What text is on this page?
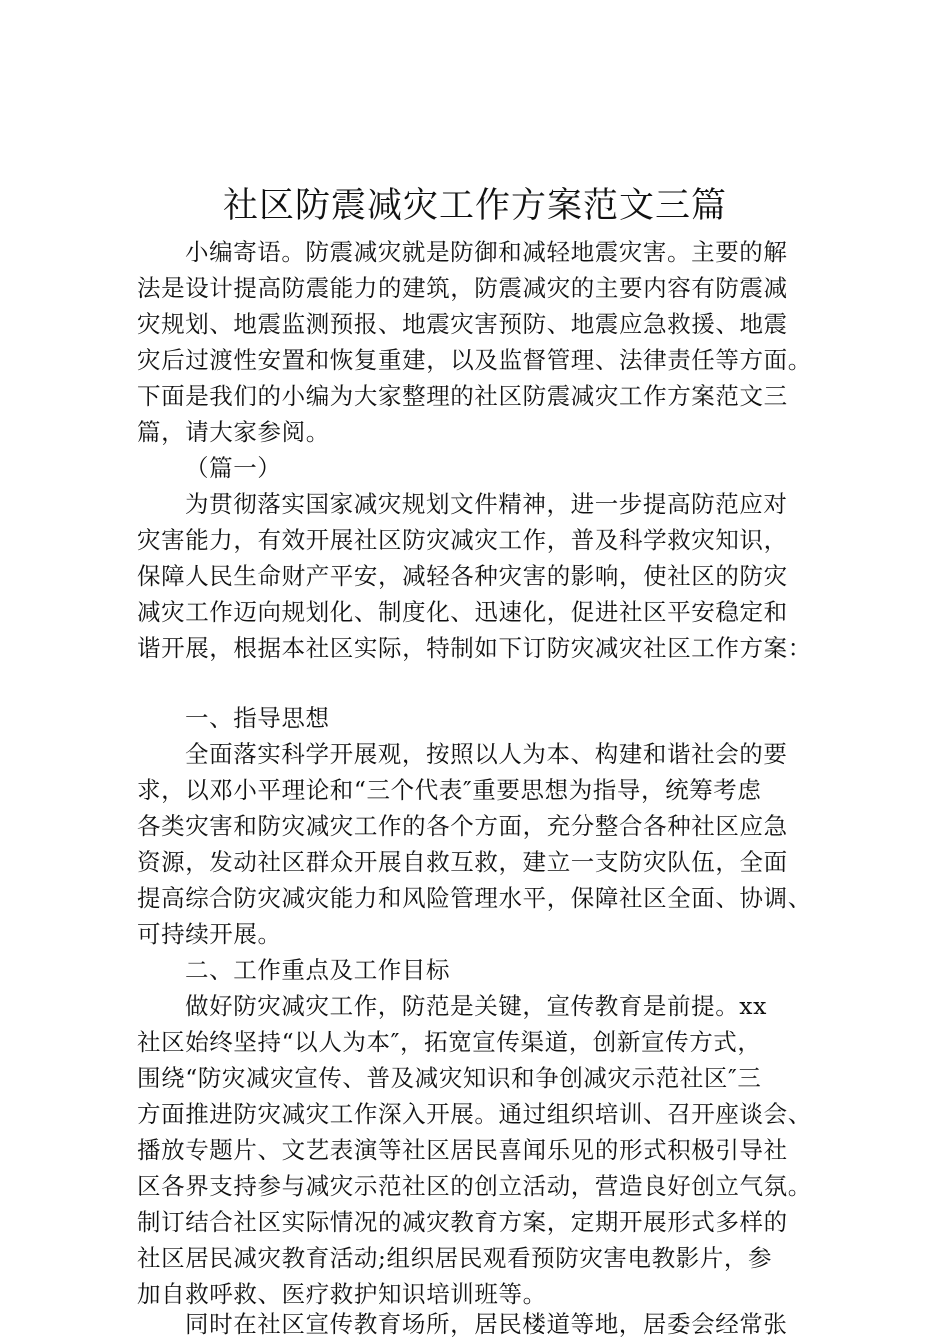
社区防震减灾工作方案范文三篇
小编寄语。防震减灾就是防御和减轻地震灾害。主要的解
法是设计提高防震能力的建筑，防震减灾的主要内容有防震减
灾规划、地震监测预报、地震灾害预防、地震应急救援、地震
灾后过渡性安置和恢复重建，以及监督管理、法律责任等方面。
下面是我们的小编为大家整理的社区防震减灾工作方案范文三
篇，请大家参阅。
（篇一）
为贯彻落实国家减灾规划文件精神，进一步提高防范应对
灾害能力，有效开展社区防灾减灾工作，普及科学救灾知识，
保障人民生命财产平安，减轻各种灾害的影响，使社区的防灾
减灾工作迈向规划化、制度化、迅速化，促进社区平安稳定和
谐开展，根据本社区实际，特制如下订防灾减灾社区工作方案：
一、指导思想
全面落实科学开展观，按照以人为本、构建和谐社会的要
求，以邓小平理论和“三个代表″重要思想为指导，统筹考虑
各类灾害和防灾减灾工作的各个方面，充分整合各种社区应急
资源，发动社区群众开展自救互救，建立一支防灾队伍，全面
提高综合防灾减灾能力和风险管理水平，保障社区全面、协调、
可持续开展。
二、工作重点及工作目标
做好防灾减灾工作，防范是关键，宣传教育是前提。xx
社区始终坚持“以人为本″，拓宽宣传渠道，创新宣传方式，
围绕“防灾减灾宣传、普及减灾知识和争创减灾示范社区″三
方面推进防灾减灾工作深入开展。通过组织培训、召开座谈会、
播放专题片、文艺表演等社区居民喜闻乐见的形式积极引导社
区各界支持参与减灾示范社区的创立活动，营造良好创立气氛。
制订结合社区实际情况的减灾教育方案，定期开展形式多样的
社区居民减灾教育活动;组织居民观看预防灾害电教影片，参
加自救呼救、医疗救护知识培训班等。
同时在社区宣传教育场所，居民楼道等地，居委会经常张
